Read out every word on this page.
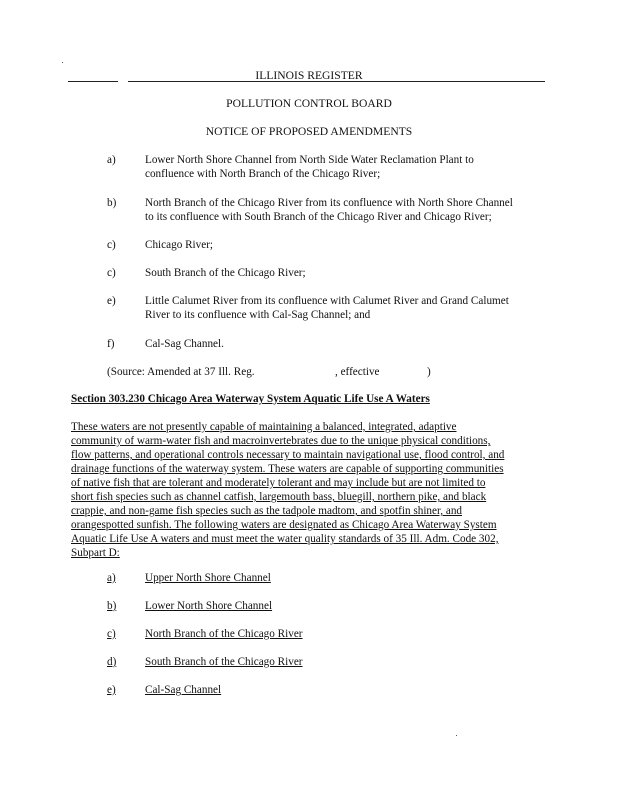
ILLINOIS REGISTER
POLLUTION CONTROL BOARD
NOTICE OF PROPOSED AMENDMENTS
a)	Lower North Shore Channel from North Side Water Reclamation Plant to
confluence with North Branch of the Chicago River;
b)	North Branch of the Chicago River from its confluence with North Shore Channel
to its confluence with South Branch of the Chicago River and Chicago River;
c)	Chicago River;
c)	South Branch of the Chicago River;
e)	Little Calumet River from its confluence with Calumet River and Grand Calumet
River to its confluence with Cal-Sag Channel; and
f)	Cal-Sag Channel.
(Source: Amended at 37 Ill. Reg.	, effective	)
Section 303.230 Chicago Area Waterway System Aquatic Life Use A Waters
These waters are not presently capable of maintaining a balanced, integrated, adaptive
community of warm-water fish and macroinvertebrates due to the unique physical conditions,
flow patterns, and operational controls necessary to maintain navigational use, flood control, and
drainage functions of the waterway system. These waters are capable of supporting communities
of native fish that are tolerant and moderately tolerant and may include but are not limited to
short fish species such as channel catfish, largemouth bass, bluegill, northern pike, and black
crappie, and non-game fish species such as the tadpole madtom, and spotfin shiner, and
orangespotted sunfish. The following waters are designated as Chicago Area Waterway System
Aquatic Life Use A waters and must meet the water quality standards of 35 Ill. Adm. Code 302,
Subpart D:
a)	Upper North Shore Channel
b)	Lower North Shore Channel
c)	North Branch of the Chicago River
d)	South Branch of the Chicago River
e)	Cal-Sag Channel
